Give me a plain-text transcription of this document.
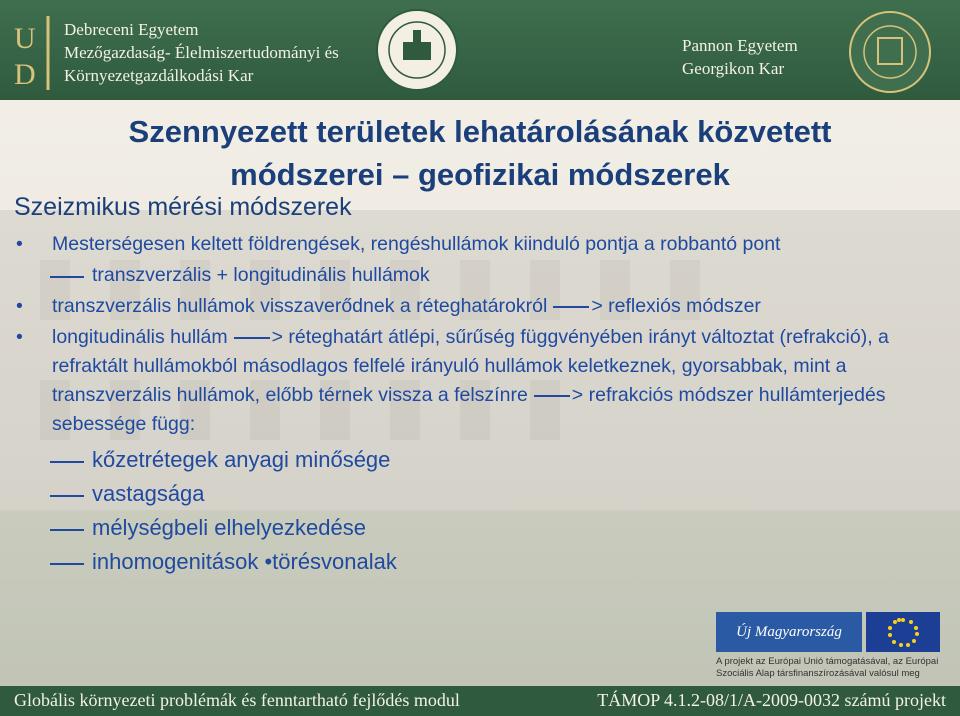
U
D
Debreceni Egyetem
Mezőgazdaság- Élelmiszertudományi és
Környezetgazdálkodási Kar
Pannon Egyetem
Georgikon Kar
Szennyezett területek lehatárolásának közvetett
módszerei – geofizikai módszerek
Szeizmikus mérési módszerek

• Mesterségesen keltett földrengések, rengéshullámok kiinduló pontja a robbantó pont

transzverzális + longitudinális hullámok

• transzverzális hullámok visszaverődnek a réteghatárokról > reflexiós módszer

• longitudinális hullám > réteghatárt átlépi, sűrűség függvényében irányt változtat (refrakció), a refraktált hullámokból másodlagos felfelé irányuló hullámok keletkeznek, gyorsabbak, mint a transzverzális hullámok, előbb térnek vissza a felszínre > refrakciós módszer hullámterjedés sebessége függ:

kőzetrétegek anyagi minősége

vastagsága

mélységbeli elhelyezkedése

inhomogenitások •törésvonalak

Új Magyarország
A projekt az Európai Unió támogatásával, az Európai Szociális Alap társfinanszírozásával valósul meg
Globális környezeti problémák és fenntartható fejlődés modul	TÁMOP 4.1.2-08/1/A-2009-0032 számú projekt
